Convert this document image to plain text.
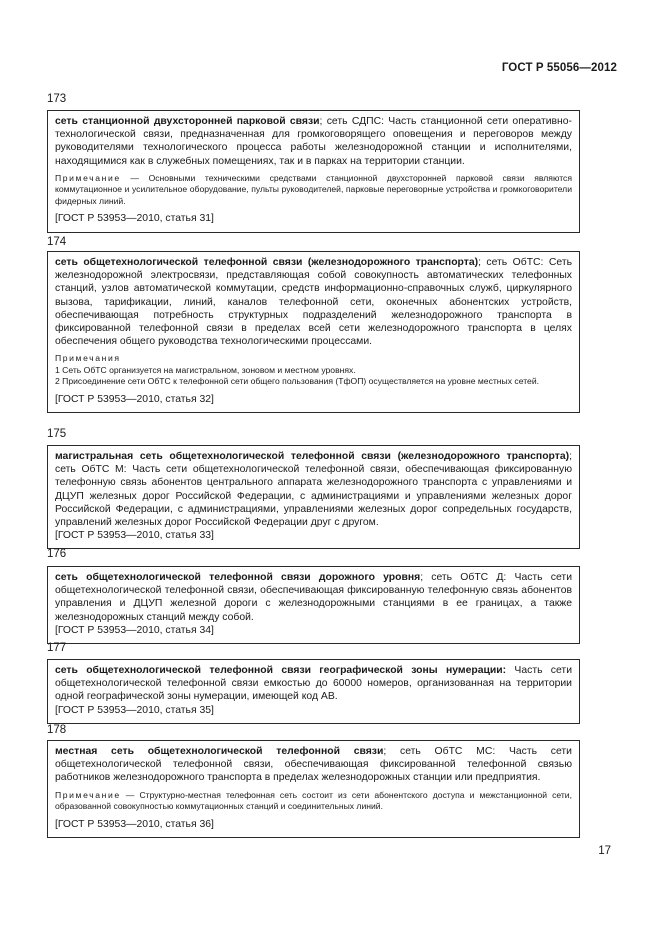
ГОСТ Р 55056—2012
173

сеть станционной двухсторонней парковой связи; сеть СДПС: Часть станционной сети оперативно-технологической связи, предназначенная для громкоговорящего оповещения и переговоров между руководителями технологического процесса работы железнодорожной станции и исполнителями, находящимися как в служебных помещениях, так и в парках на территории станции.

Примечание — Основными техническими средствами станционной двухсторонней парковой связи являются коммутационное и усилительное оборудование, пульты руководителей, парковые переговорные устройства и громкоговорители фидерных линий.

[ГОСТ Р 53953—2010, статья 31]

174

сеть общетехнологической телефонной связи (железнодорожного транспорта); сеть ОбТС: Сеть железнодорожной электросвязи, представляющая собой совокупность автоматических телефонных станций, узлов автоматической коммутации, средств информационно-справочных служб, циркулярного вызова, тарификации, линий, каналов телефонной сети, оконечных абонентских устройств, обеспечивающая потребность структурных подразделений железнодорожного транспорта в фиксированной телефонной связи в пределах всей сети железнодорожного транспорта в целях обеспечения общего руководства технологическими процессами.

Примечания
1 Сеть ОбТС организуется на магистральном, зоновом и местном уровнях.
2 Присоединение сети ОбТС к телефонной сети общего пользования (ТфОП) осуществляется на уровне местных сетей.

[ГОСТ Р 53953—2010, статья 32]

175

магистральная сеть общетехнологической телефонной связи (железнодорожного транспорта); сеть ОбТС М: Часть сети общетехнологической телефонной связи, обеспечивающая фиксированную телефонную связь абонентов центрального аппарата железнодорожного транспорта с управлениями и ДЦУП железных дорог Российской Федерации, с администрациями и управлениями железных дорог Российской Федерации, с администрациями, управлениями железных дорог сопредельных государств, управлений железных дорог Российской Федерации друг с другом.

[ГОСТ Р 53953—2010, статья 33]

176

сеть общетехнологической телефонной связи дорожного уровня; сеть ОбТС Д: Часть сети общетехнологической телефонной связи, обеспечивающая фиксированную телефонную связь абонентов управления и ДЦУП железной дороги с железнодорожными станциями в ее границах, а также железнодорожных станций между собой.

[ГОСТ Р 53953—2010, статья 34]

177

сеть общетехнологической телефонной связи географической зоны нумерации: Часть сети общетехнологической телефонной связи емкостью до 60000 номеров, организованная на территории одной географической зоны нумерации, имеющей код АВ.

[ГОСТ Р 53953—2010, статья 35]

178

местная сеть общетехнологической телефонной связи; сеть ОбТС МС: Часть сети общетехнологической телефонной связи, обеспечивающая фиксированной телефонной связью работников железнодорожного транспорта в пределах железнодорожных станции или предприятия.

Примечание — Структурно-местная телефонная сеть состоит из сети абонентского доступа и межстанционной сети, образованной совокупностью коммутационных станций и соединительных линий.

[ГОСТ Р 53953—2010, статья 36]

17
